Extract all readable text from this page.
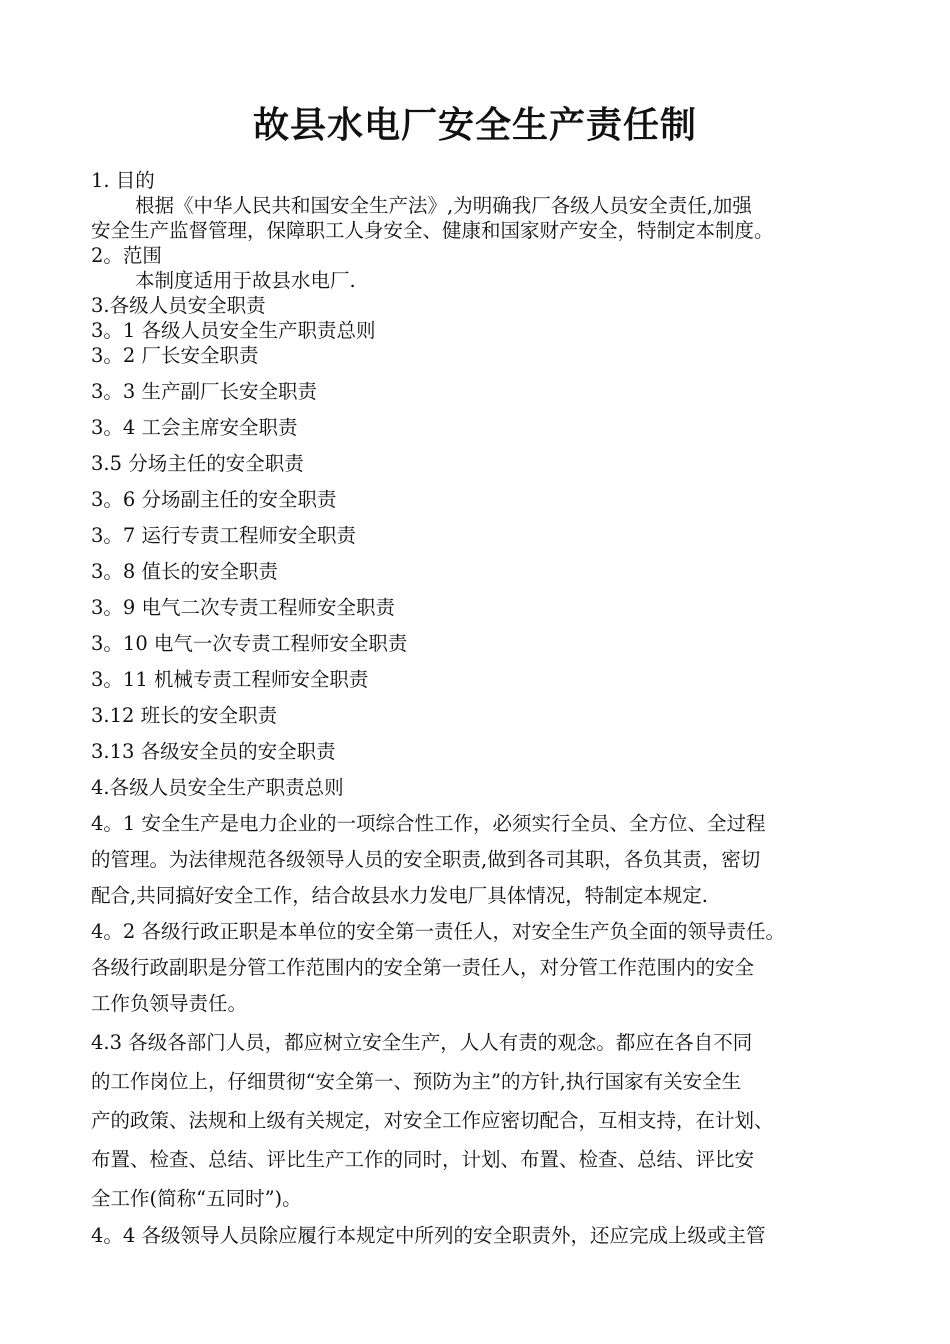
故县水电厂安全生产责任制
1. 目的
根据《中华人民共和国安全生产法》,为明确我厂各级人员安全责任,加强
安全生产监督管理，保障职工人身安全、健康和国家财产安全，特制定本制度。
2。范围
本制度适用于故县水电厂.
3.各级人员安全职责
3。1 各级人员安全生产职责总则
3。2 厂长安全职责
3。3 生产副厂长安全职责
3。4 工会主席安全职责
3.5 分场主任的安全职责
3。6 分场副主任的安全职责
3。7 运行专责工程师安全职责
3。8 值长的安全职责
3。9 电气二次专责工程师安全职责
3。10 电气一次专责工程师安全职责
3。11 机械专责工程师安全职责
3.12 班长的安全职责
3.13 各级安全员的安全职责
4.各级人员安全生产职责总则
4。1 安全生产是电力企业的一项综合性工作，必须实行全员、全方位、全过程
的管理。为法律规范各级领导人员的安全职责,做到各司其职，各负其责，密切
配合,共同搞好安全工作，结合故县水力发电厂具体情况，特制定本规定.
4。2 各级行政正职是本单位的安全第一责任人，对安全生产负全面的领导责任。
各级行政副职是分管工作范围内的安全第一责任人，对分管工作范围内的安全
工作负领导责任。
4.3 各级各部门人员，都应树立安全生产，人人有责的观念。都应在各自不同
的工作岗位上，仔细贯彻“安全第一、预防为主”的方针,执行国家有关安全生
产的政策、法规和上级有关规定，对安全工作应密切配合，互相支持，在计划、
布置、检查、总结、评比生产工作的同时，计划、布置、检查、总结、评比安
全工作(简称“五同时”)。
4。4 各级领导人员除应履行本规定中所列的安全职责外，还应完成上级或主管
